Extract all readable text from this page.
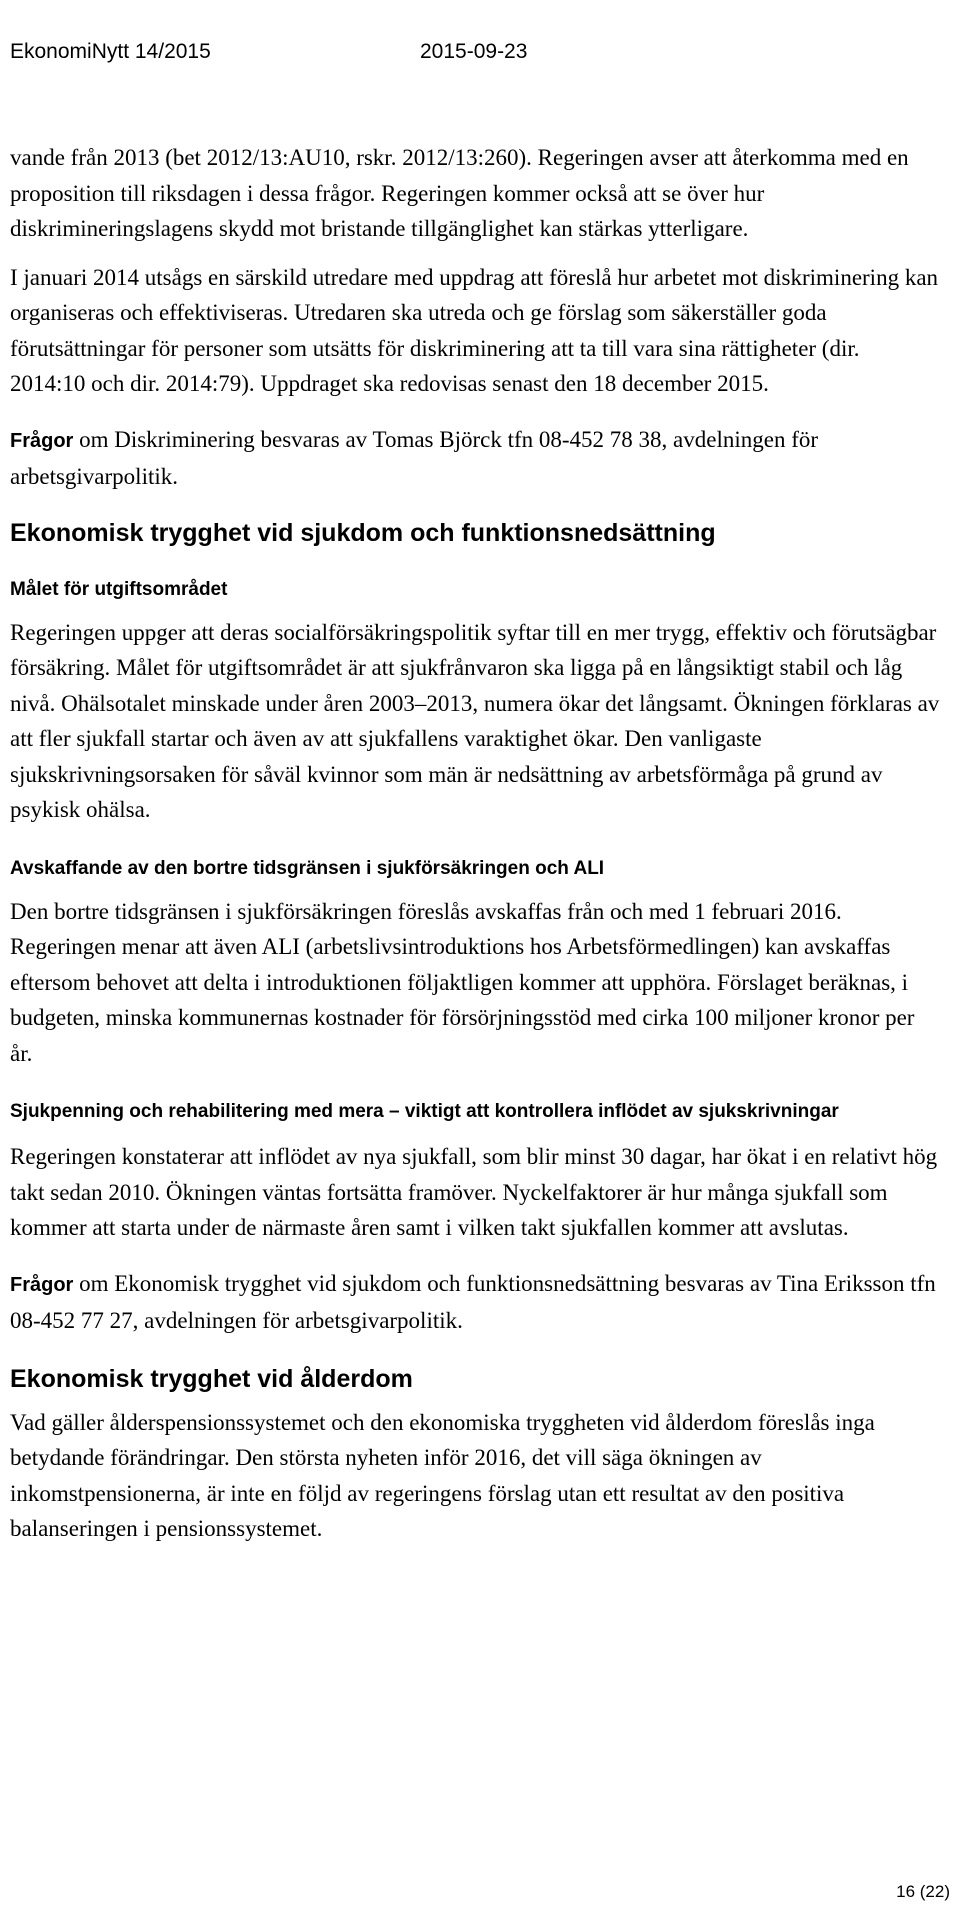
EkonomiNytt 14/2015	2015-09-23

vande från 2013 (bet 2012/13:AU10, rskr. 2012/13:260). Regeringen avser att återkomma med en proposition till riksdagen i dessa frågor. Regeringen kommer också att se över hur diskrimineringslagens skydd mot bristande tillgänglighet kan stärkas ytterligare.

I januari 2014 utsågs en särskild utredare med uppdrag att föreslå hur arbetet mot diskriminering kan organiseras och effektiviseras. Utredaren ska utreda och ge förslag som säkerställer goda förutsättningar för personer som utsätts för diskriminering att ta till vara sina rättigheter (dir. 2014:10 och dir. 2014:79). Uppdraget ska redovisas senast den 18 december 2015.

Frågor om Diskriminering besvaras av Tomas Björck tfn 08-452 78 38, avdelningen för arbetsgivarpolitik.

Ekonomisk trygghet vid sjukdom och funktionsnedsättning
Målet för utgiftsområdet

Regeringen uppger att deras socialförsäkringspolitik syftar till en mer trygg, effektiv och förutsägbar försäkring. Målet för utgiftsområdet är att sjukfrånvaron ska ligga på en långsiktigt stabil och låg nivå. Ohälsotalet minskade under åren 2003–2013, numera ökar det långsamt. Ökningen förklaras av att fler sjukfall startar och även av att sjukfallens varaktighet ökar. Den vanligaste sjukskrivningsorsaken för såväl kvinnor som män är nedsättning av arbetsförmåga på grund av psykisk ohälsa.

Avskaffande av den bortre tidsgränsen i sjukförsäkringen och ALI

Den bortre tidsgränsen i sjukförsäkringen föreslås avskaffas från och med 1 februari 2016. Regeringen menar att även ALI (arbetslivsintroduktions hos Arbetsförmedlingen) kan avskaffas eftersom behovet att delta i introduktionen följaktligen kommer att upphöra. Förslaget beräknas, i budgeten, minska kommunernas kostnader för försörjningsstöd med cirka 100 miljoner kronor per år.

Sjukpenning och rehabilitering med mera – viktigt att kontrollera inflödet av sjukskrivningar

Regeringen konstaterar att inflödet av nya sjukfall, som blir minst 30 dagar, har ökat i en relativt hög takt sedan 2010. Ökningen väntas fortsätta framöver. Nyckelfaktorer är hur många sjukfall som kommer att starta under de närmaste åren samt i vilken takt sjukfallen kommer att avslutas.

Frågor om Ekonomisk trygghet vid sjukdom och funktionsnedsättning besvaras av Tina Eriksson tfn 08-452 77 27, avdelningen för arbetsgivarpolitik.

Ekonomisk trygghet vid ålderdom

Vad gäller ålderspensionssystemet och den ekonomiska tryggheten vid ålderdom föreslås inga betydande förändringar. Den största nyheten inför 2016, det vill säga ökningen av inkomstpensionerna, är inte en följd av regeringens förslag utan ett resultat av den positiva balanseringen i pensionssystemet.

16 (22)
